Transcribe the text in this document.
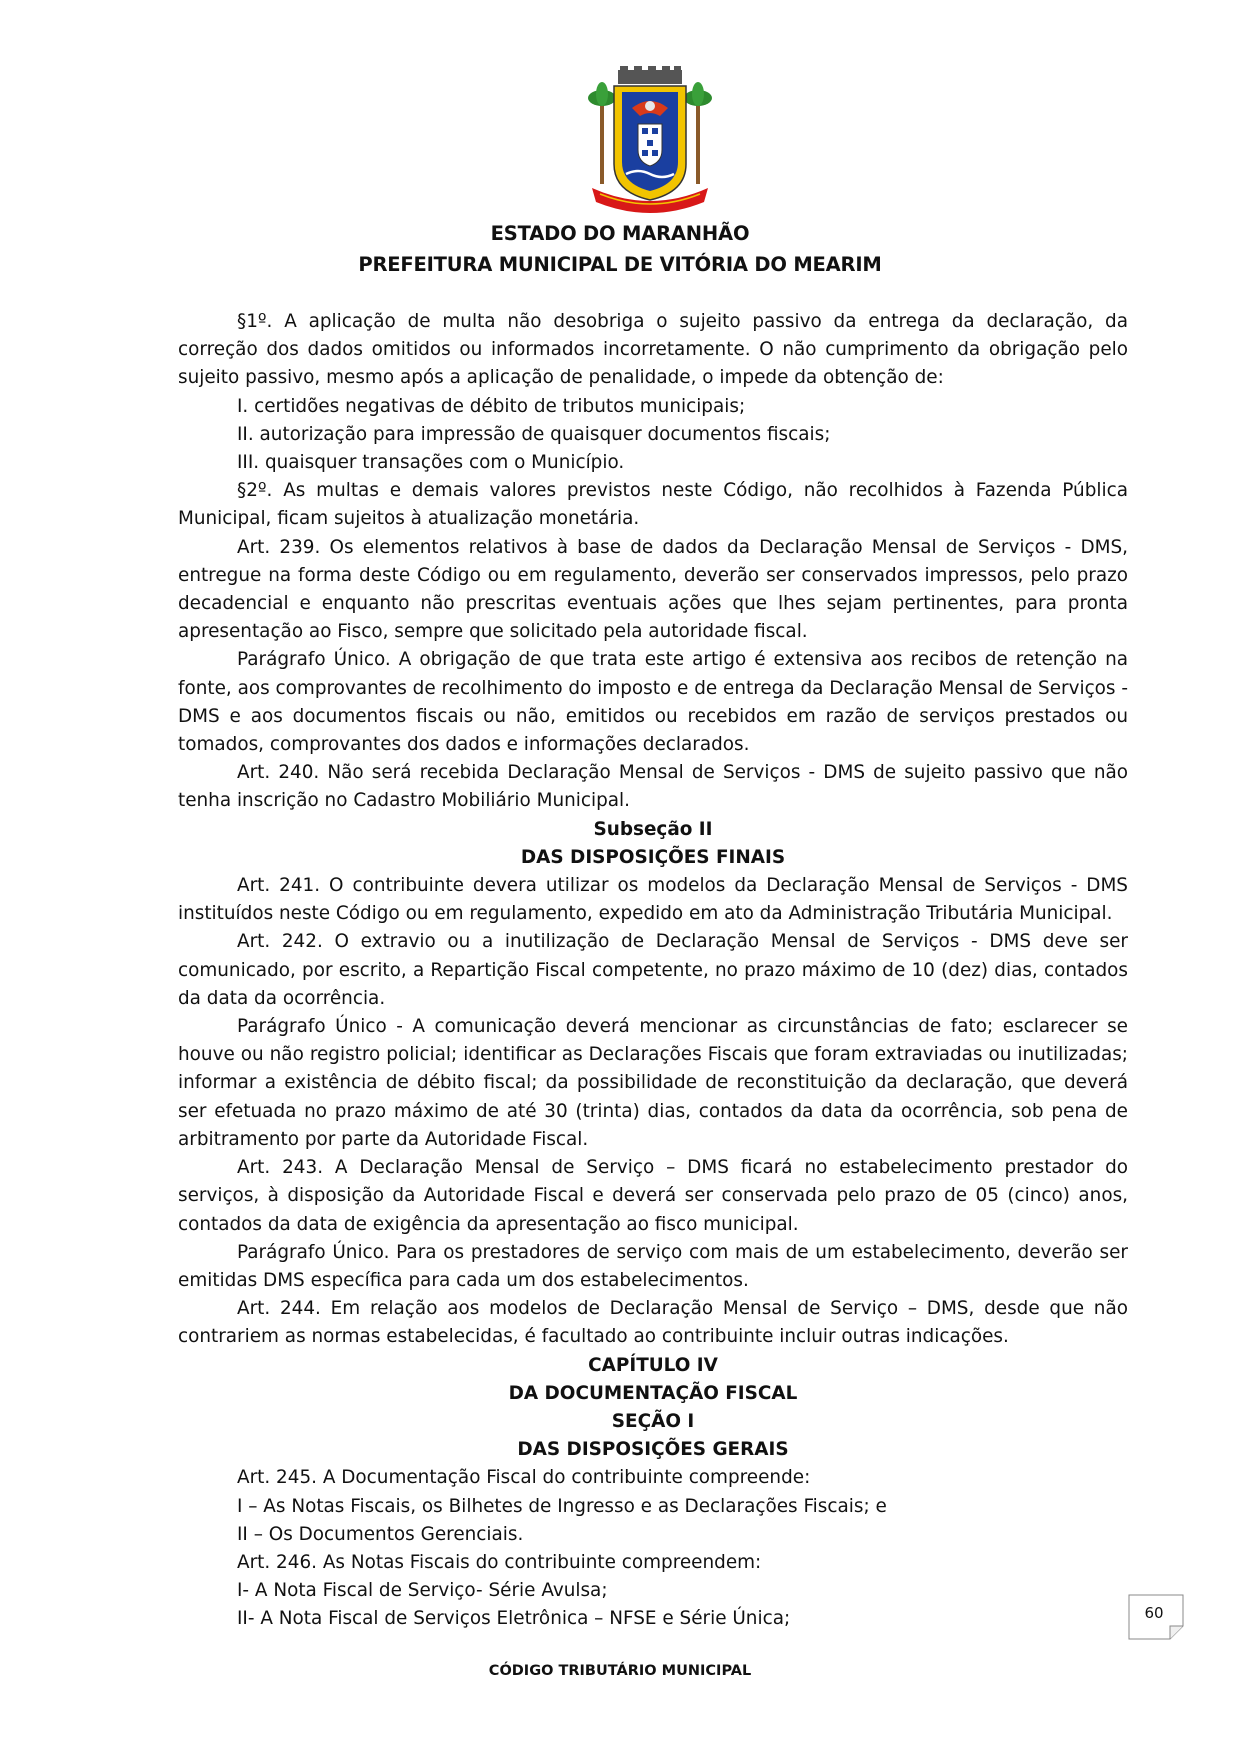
ESTADO DO MARANHÃO
PREFEITURA MUNICIPAL DE VITÓRIA DO MEARIM

§1º. A aplicação de multa não desobriga o sujeito passivo da entrega da declaração, da correção dos dados omitidos ou informados incorretamente. O não cumprimento da obrigação pelo sujeito passivo, mesmo após a aplicação de penalidade, o impede da obtenção de:

I. certidões negativas de débito de tributos municipais;

II. autorização para impressão de quaisquer documentos fiscais;

III. quaisquer transações com o Município.

§2º. As multas e demais valores previstos neste Código, não recolhidos à Fazenda Pública Municipal, ficam sujeitos à atualização monetária.

Art. 239. Os elementos relativos à base de dados da Declaração Mensal de Serviços - DMS, entregue na forma deste Código ou em regulamento, deverão ser conservados impressos, pelo prazo decadencial e enquanto não prescritas eventuais ações que lhes sejam pertinentes, para pronta apresentação ao Fisco, sempre que solicitado pela autoridade fiscal.

Parágrafo Único. A obrigação de que trata este artigo é extensiva aos recibos de retenção na fonte, aos comprovantes de recolhimento do imposto e de entrega da Declaração Mensal de Serviços - DMS e aos documentos fiscais ou não, emitidos ou recebidos em razão de serviços prestados ou tomados, comprovantes dos dados e informações declarados.

Art. 240. Não será recebida Declaração Mensal de Serviços - DMS de sujeito passivo que não tenha inscrição no Cadastro Mobiliário Municipal.

Subseção II

DAS DISPOSIÇÕES FINAIS

Art. 241. O contribuinte devera utilizar os modelos da Declaração Mensal de Serviços - DMS instituídos neste Código ou em regulamento, expedido em ato da Administração Tributária Municipal.

Art. 242. O extravio ou a inutilização de Declaração Mensal de Serviços - DMS deve ser comunicado, por escrito, a Repartição Fiscal competente, no prazo máximo de 10 (dez) dias, contados da data da ocorrência.

Parágrafo Único - A comunicação deverá mencionar as circunstâncias de fato; esclarecer se houve ou não registro policial; identificar as Declarações Fiscais que foram extraviadas ou inutilizadas; informar a existência de débito fiscal; da possibilidade de reconstituição da declaração, que deverá ser efetuada no prazo máximo de até 30 (trinta) dias, contados da data da ocorrência, sob pena de arbitramento por parte da Autoridade Fiscal.

Art. 243. A Declaração Mensal de Serviço – DMS ficará no estabelecimento prestador do serviços, à disposição da Autoridade Fiscal e deverá ser conservada pelo prazo de 05 (cinco) anos, contados da data de exigência da apresentação ao fisco municipal.

Parágrafo Único. Para os prestadores de serviço com mais de um estabelecimento, deverão ser emitidas DMS específica para cada um dos estabelecimentos.

Art. 244. Em relação aos modelos de Declaração Mensal de Serviço – DMS, desde que não contrariem as normas estabelecidas, é facultado ao contribuinte incluir outras indicações.

CAPÍTULO IV

DA DOCUMENTAÇÃO FISCAL

SEÇÃO I

DAS DISPOSIÇÕES GERAIS

Art. 245. A Documentação Fiscal do contribuinte compreende:

I – As Notas Fiscais, os Bilhetes de Ingresso e as Declarações Fiscais; e

II – Os Documentos Gerenciais.

Art. 246. As Notas Fiscais do contribuinte compreendem:

I- A Nota Fiscal de Serviço- Série Avulsa;

II- A Nota Fiscal de Serviços Eletrônica – NFSE e Série Única;	60
CÓDIGO TRIBUTÁRIO MUNICIPAL
